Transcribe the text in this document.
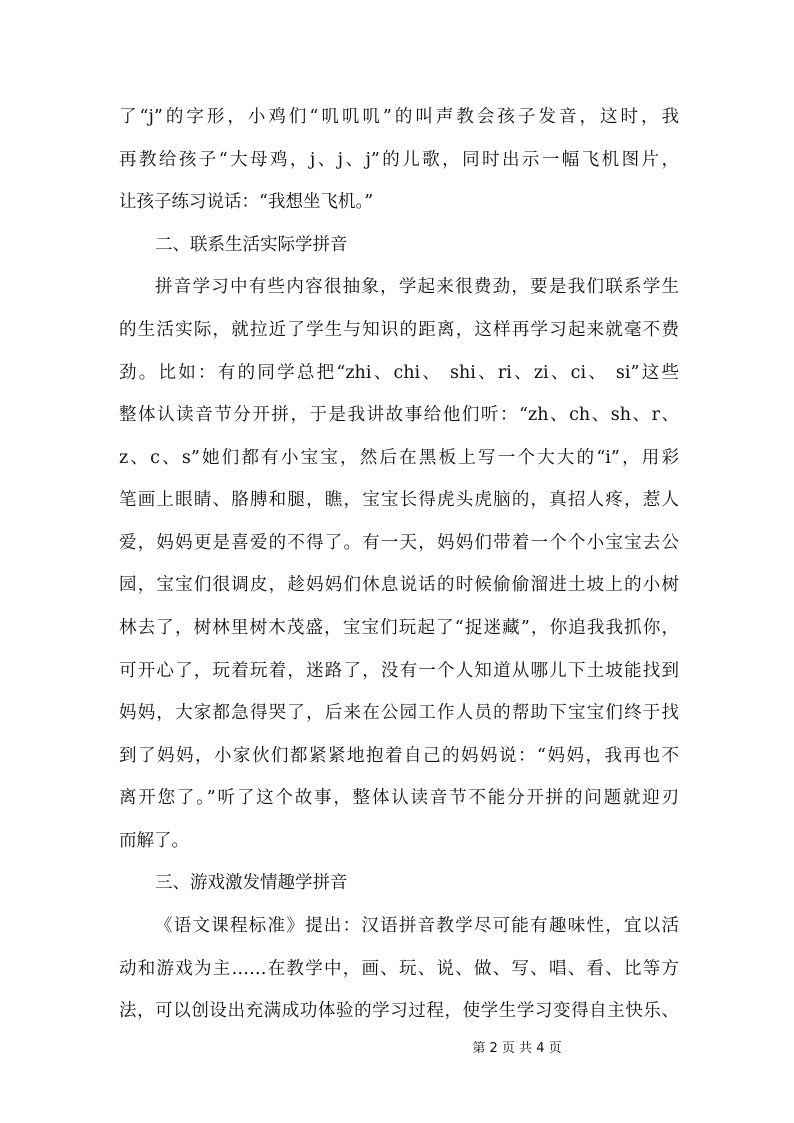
了“j”的字形，小鸡们“叽叽叽”的叫声教会孩子发音，这时，我
再教给孩子“大母鸡，j、j、j”的儿歌，同时出示一幅飞机图片，
让孩子练习说话：“我想坐飞机。”
二、联系生活实际学拼音
拼音学习中有些内容很抽象，学起来很费劲，要是我们联系学生
的生活实际，就拉近了学生与知识的距离，这样再学习起来就毫不费
劲。比如：有的同学总把“zhi、chi、 shi、ri、zi、ci、 si”这些
整体认读音节分开拼，于是我讲故事给他们听：“zh、ch、sh、r、
z、c、s”她们都有小宝宝，然后在黑板上写一个大大的“i”，用彩
笔画上眼睛、胳膊和腿，瞧，宝宝长得虎头虎脑的，真招人疼，惹人
爱，妈妈更是喜爱的不得了。有一天，妈妈们带着一个个小宝宝去公
园，宝宝们很调皮，趁妈妈们休息说话的时候偷偷溜进土坡上的小树
林去了，树林里树木茂盛，宝宝们玩起了“捉迷藏”，你追我我抓你，
可开心了，玩着玩着，迷路了，没有一个人知道从哪儿下土坡能找到
妈妈，大家都急得哭了，后来在公园工作人员的帮助下宝宝们终于找
到了妈妈，小家伙们都紧紧地抱着自己的妈妈说：“妈妈，我再也不
离开您了。”听了这个故事，整体认读音节不能分开拼的问题就迎刃
而解了。
三、游戏激发情趣学拼音
《语文课程标准》提出：汉语拼音教学尽可能有趣味性，宜以活
动和游戏为主……在教学中，画、玩、说、做、写、唱、看、比等方
法，可以创设出充满成功体验的学习过程，使学生学习变得自主快乐、
第 2 页 共 4 页
